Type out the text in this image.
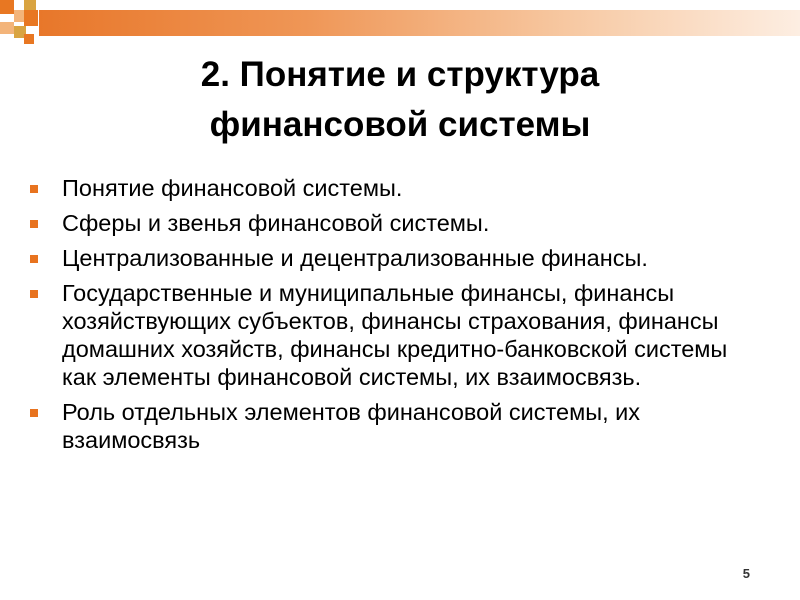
2. Понятие и структура
финансовой системы
Понятие финансовой системы.
Сферы и звенья финансовой системы.
Централизованные и децентрализованные финансы.
Государственные и муниципальные финансы, финансы хозяйствующих субъектов, финансы страхования, финансы домашних хозяйств, финансы кредитно-банковской системы как элементы финансовой системы, их взаимосвязь.
Роль отдельных элементов финансовой системы, их взаимосвязь
5
